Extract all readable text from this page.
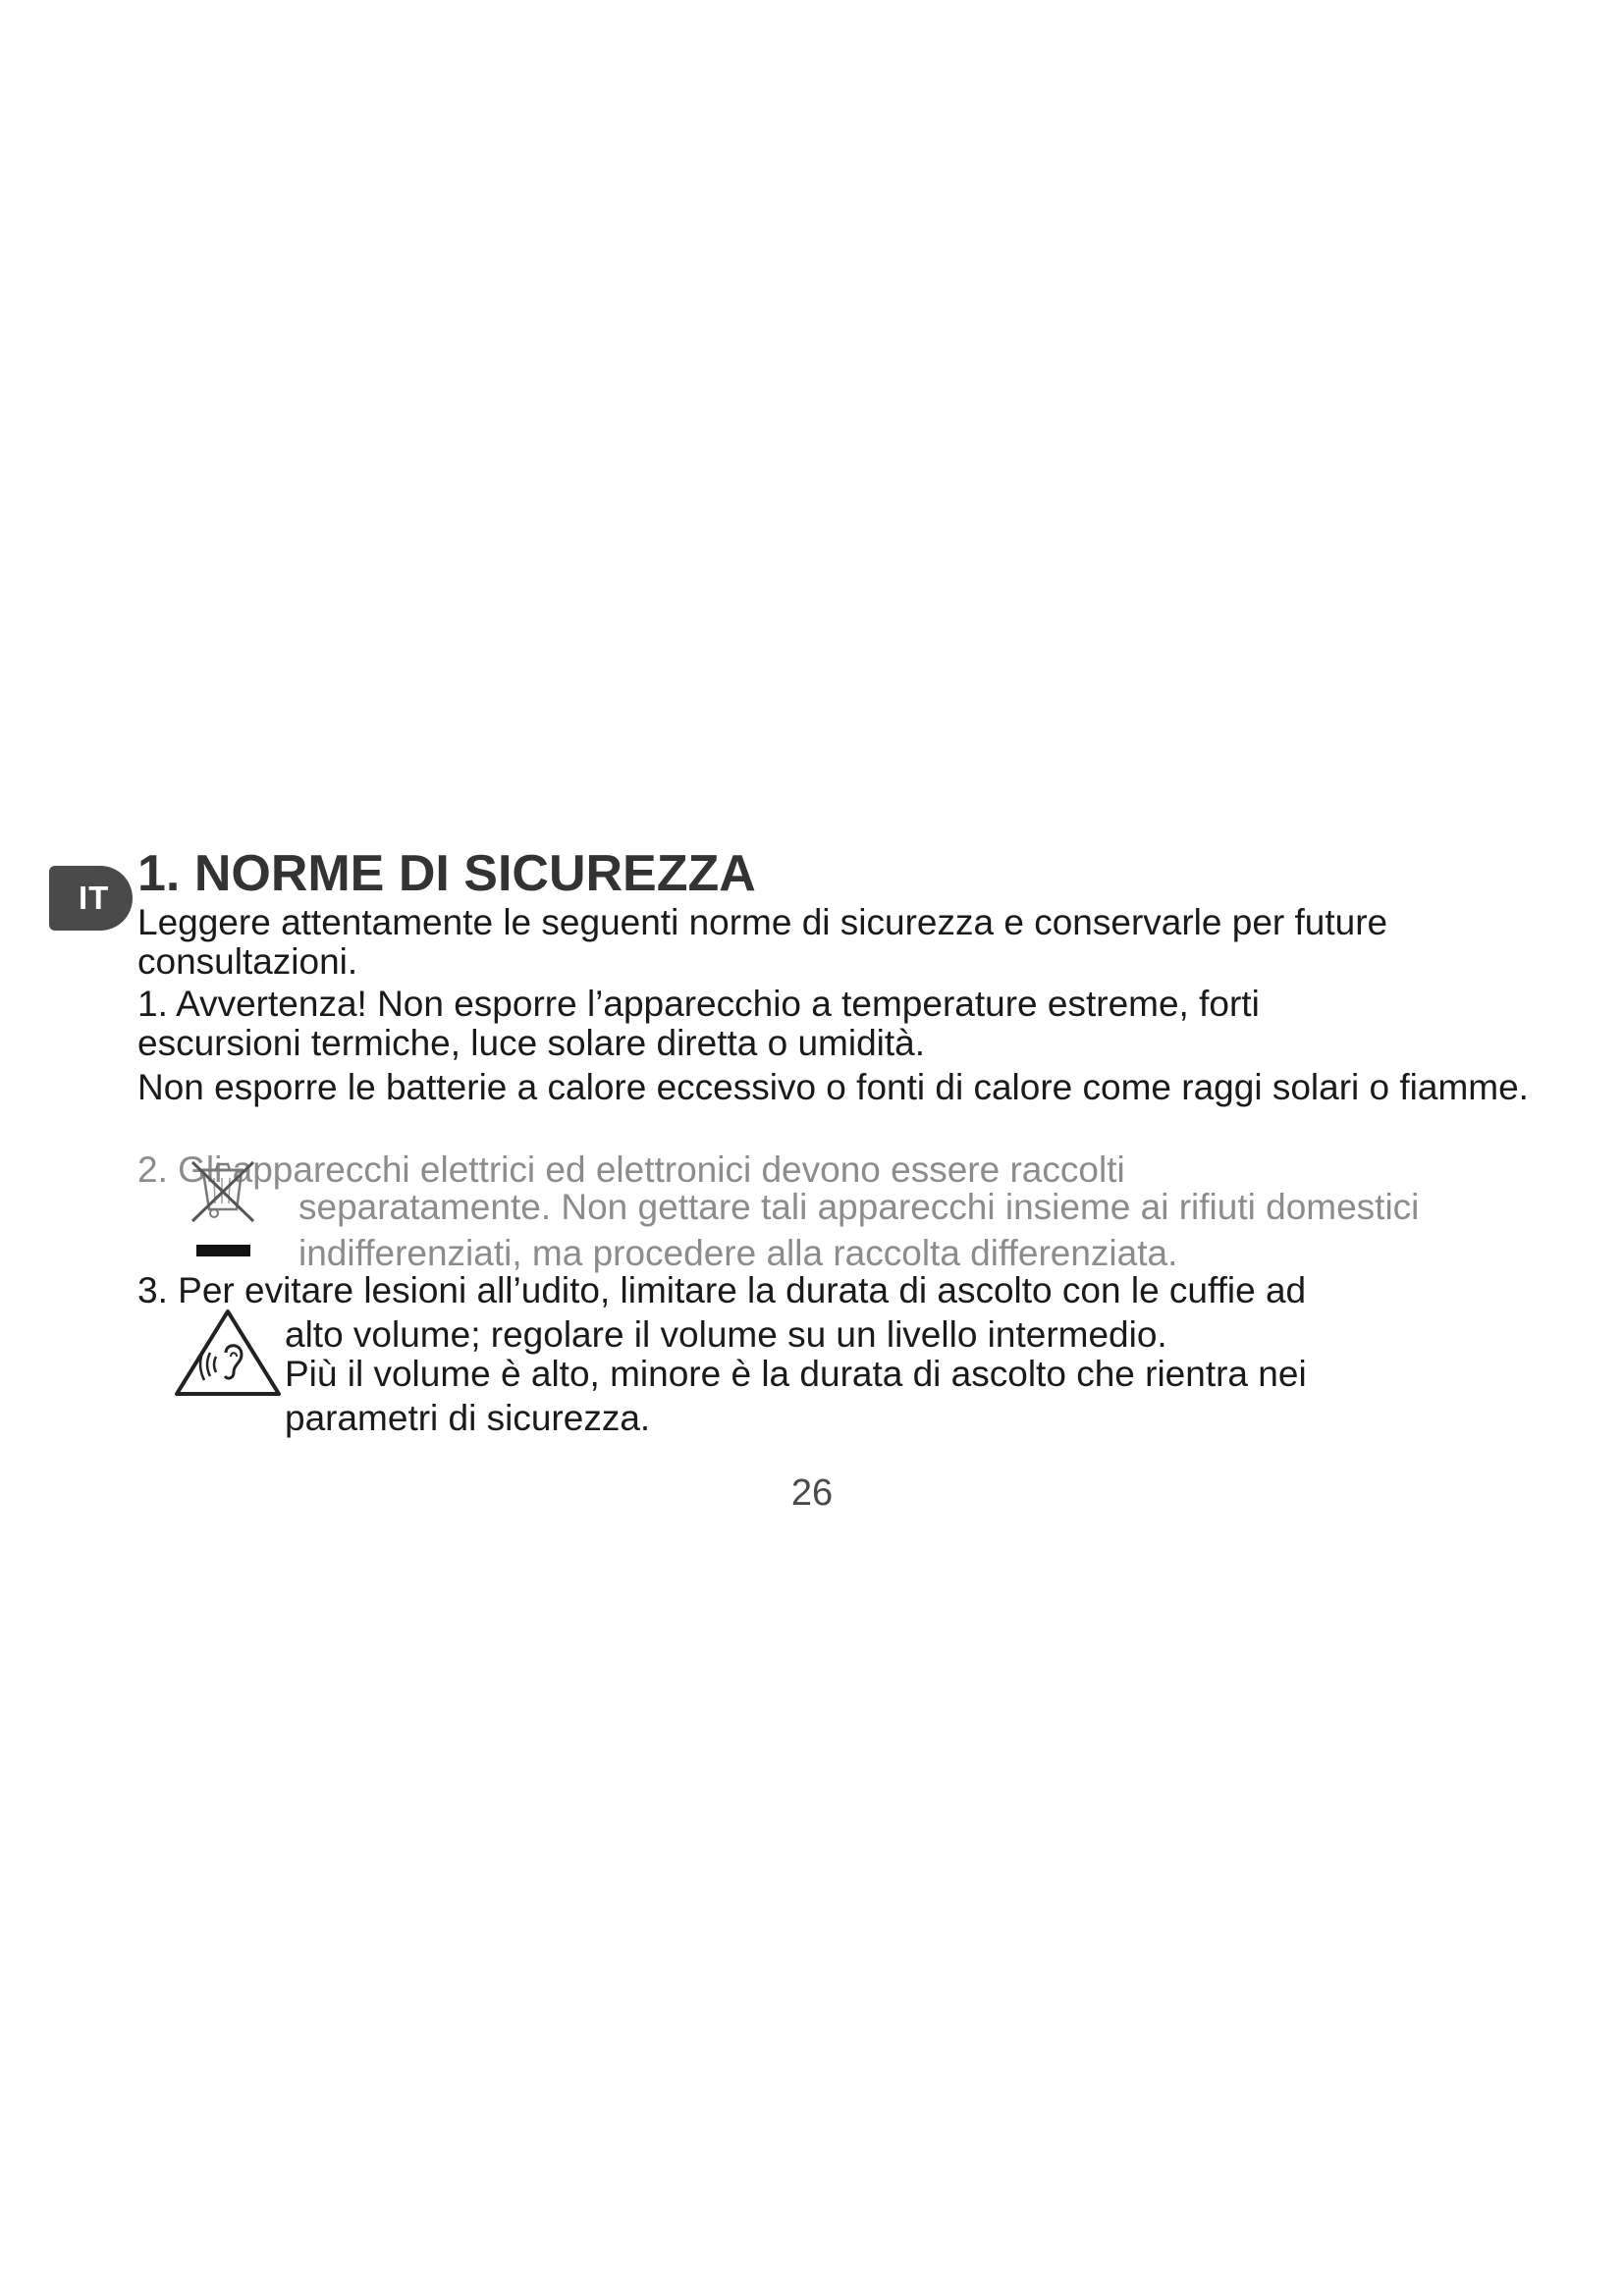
IT 1. NORME DI SICUREZZA

Leggere attentamente le seguenti norme di sicurezza e conservarle per future consultazioni.

1. Avvertenza! Non esporre l’apparecchio a temperature estreme, forti escursioni termiche, luce solare diretta o umidità.

Non esporre le batterie a calore eccessivo o fonti di calore come raggi solari o fiamme.

2. Gli apparecchi elettrici ed elettronici devono essere raccolti

separatamente. Non gettare tali apparecchi insieme ai rifiuti domestici

indifferenziati, ma procedere alla raccolta differenziata.

3. Per evitare lesioni all’udito, limitare la durata di ascolto con le cuffie ad

alto volume; regolare il volume su un livello intermedio.

Più il volume è alto, minore è la durata di ascolto che rientra nei

parametri di sicurezza.

26
